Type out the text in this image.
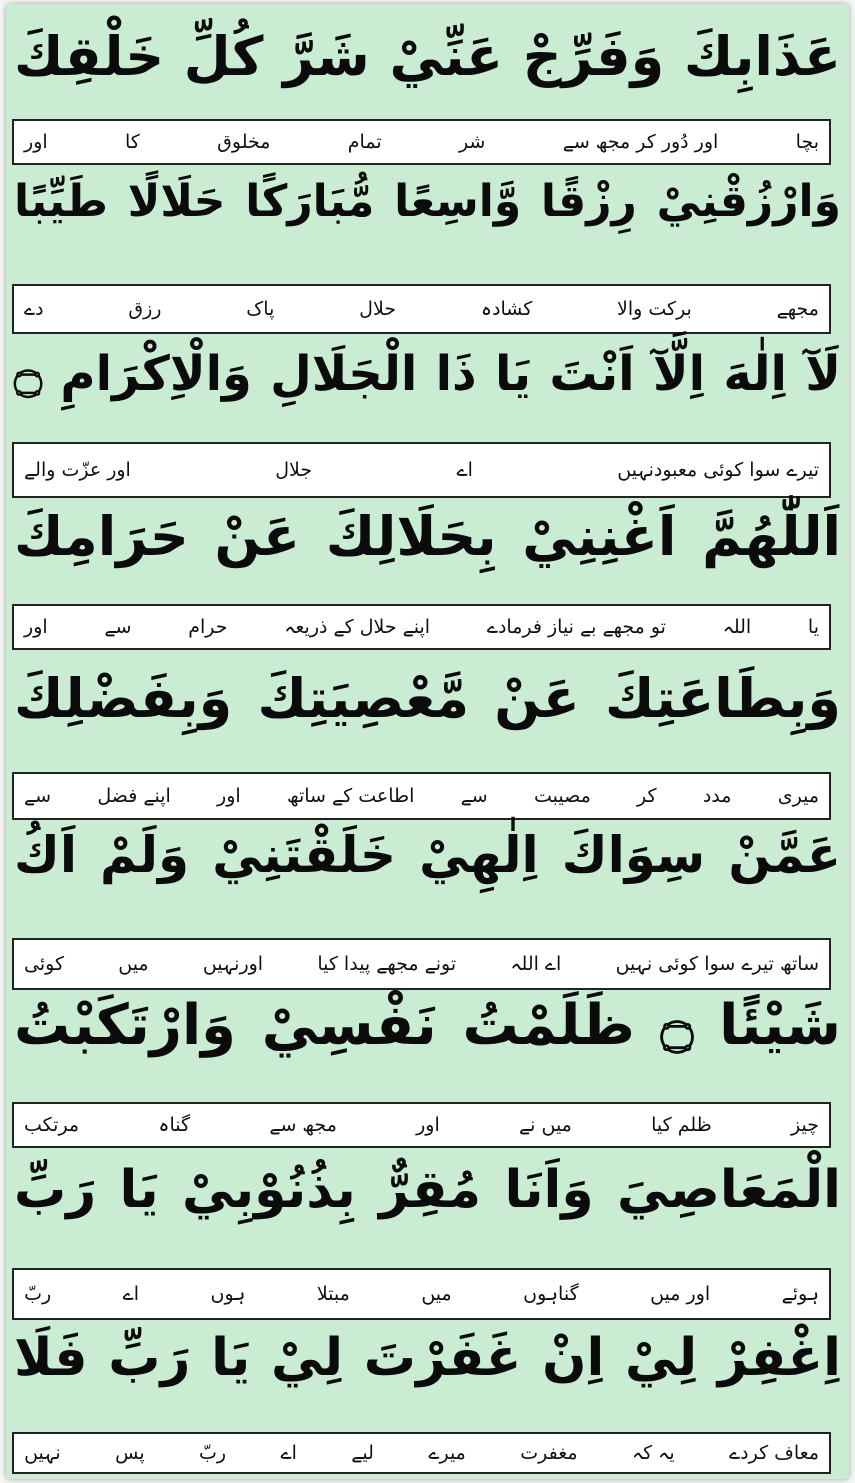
عَذَابِكَ وَفَرِّجْ عَنِّيْ شَرَّ كُلِّ خَلْقِكَ
بچا
اور دُور کر مجھ سے
شر
تمام
مخلوق
کا
اور
وَارْزُقْنِيْ رِزْقًا وَّاسِعًا مُّبَارَكًا حَلَالًا طَيِّبًا
مجھے
برکت والا
کشادہ
حلال
پاک
رزق
دے
لَآ اِلٰهَ اِلَّآ اَنْتَ يَا ذَا الْجَلَالِ وَالْاِكْرَامِ ۝
تیرے سوا کوئی معبودنہیں
اے
جلال
اور عزّت والے
اَللّٰهُمَّ اَغْنِنِيْ بِحَلَالِكَ عَنْ حَرَامِكَ
یا
اللہ
تو مجھے بے نیاز فرمادے
اپنے حلال کے ذریعہ
حرام
سے
اور
وَبِطَاعَتِكَ عَنْ مَّعْصِيَتِكَ وَبِفَضْلِكَ
میری
مدد
کر
مصیبت
سے
اطاعت کے ساتھ
اور
اپنے فضل
سے
عَمَّنْ سِوَاكَ اِلٰهِيْ خَلَقْتَنِيْ وَلَمْ اَكُ
ساتھ تیرے سوا کوئی نہیں
اے اللہ
تونے مجھے پیدا کیا
اورنہیں
میں
کوئی
شَيْئًا ۝ ظَلَمْتُ نَفْسِيْ وَارْتَكَبْتُ
چیز
ظلم کیا
میں نے
اور
مجھ سے
گناہ
مرتکب
الْمَعَاصِيَ وَاَنَا مُقِرٌّ بِذُنُوْبِيْ يَا رَبِّ
ہوئے
اور میں
گناہوں
میں
مبتلا
ہوں
اے
ربّ
اِغْفِرْ لِيْ اِنْ غَفَرْتَ لِيْ يَا رَبِّ فَلَا
معاف کردے
یہ کہ
مغفرت
میرے
لیے
اے
ربّ
پس
نہیں
